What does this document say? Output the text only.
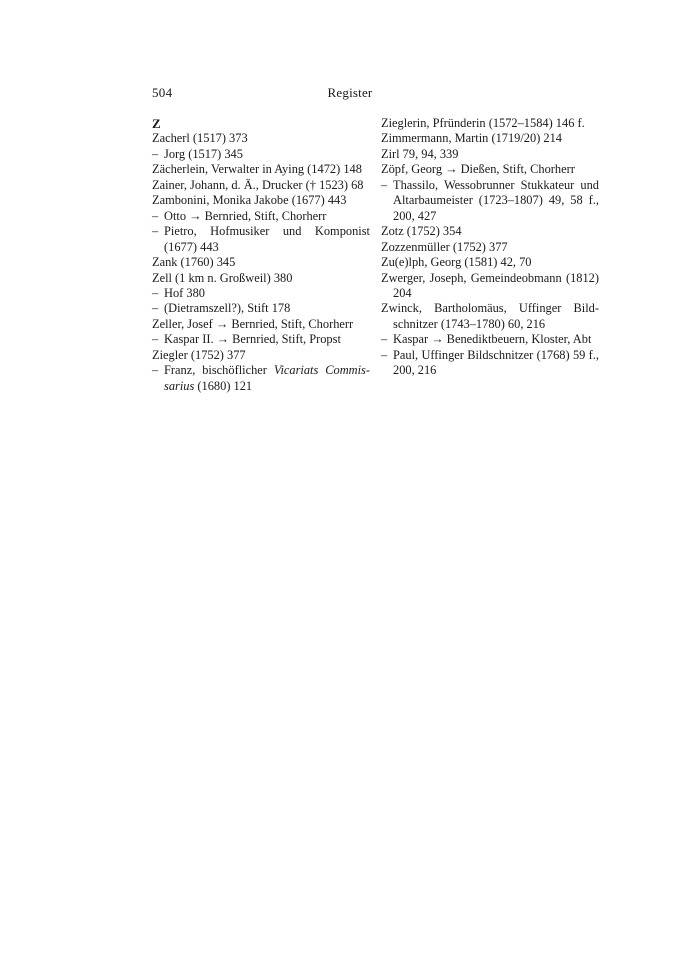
504	Register
Z
Zacherl (1517) 373
– Jorg (1517) 345
Zächerlein, Verwalter in Aying (1472) 148
Zainer, Johann, d. Ä., Drucker († 1523) 68
Zambonini, Monika Jakobe (1677) 443
– Otto → Bernried, Stift, Chorherr
– Pietro, Hofmusiker und Komponist (1677) 443
Zank (1760) 345
Zell (1 km n. Großweil) 380
– Hof 380
– (Dietramszell?), Stift 178
Zeller, Josef → Bernried, Stift, Chorherr
– Kaspar II. → Bernried, Stift, Propst
Ziegler (1752) 377
– Franz, bischöflicher Vicariats Commissarius (1680) 121
Zieglerin, Pfründerin (1572–1584) 146 f.
Zimmermann, Martin (1719/20) 214
Zirl 79, 94, 339
Zöpf, Georg → Dießen, Stift, Chorherr
– Thassilo, Wessobrunner Stukkateur und Altarbaumeister (1723–1807) 49, 58 f., 200, 427
Zotz (1752) 354
Zozzenmüller (1752) 377
Zu(e)lph, Georg (1581) 42, 70
Zwerger, Joseph, Gemeindeobmann (1812) 204
Zwinck, Bartholomäus, Uffinger Bildschnitzer (1743–1780) 60, 216
– Kaspar → Benediktbeuern, Kloster, Abt
– Paul, Uffinger Bildschnitzer (1768) 59 f., 200, 216
